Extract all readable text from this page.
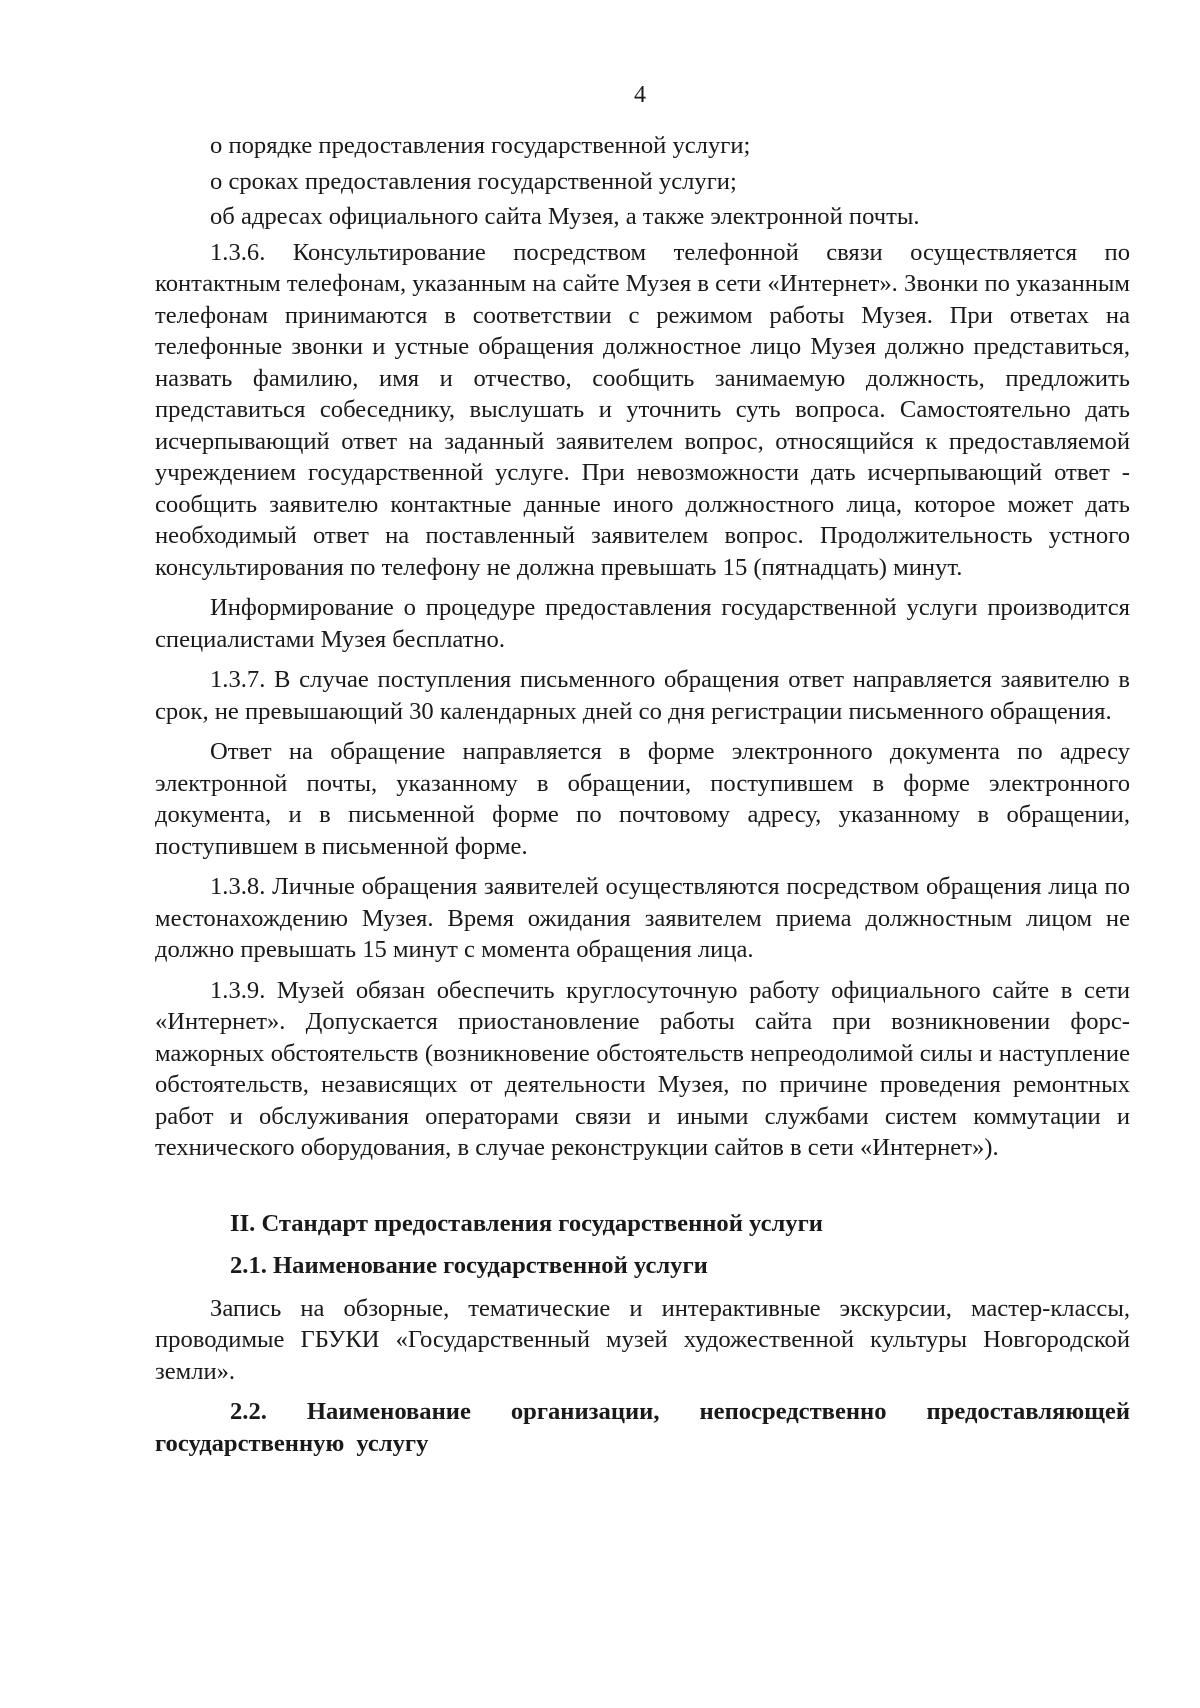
4

о порядке предоставления государственной услуги;

о сроках предоставления государственной услуги;

об адресах официального сайта Музея, а также электронной почты.

1.3.6. Консультирование посредством телефонной связи осуществляется по контактным телефонам, указанным на сайте Музея в сети «Интернет». Звонки по указанным телефонам принимаются в соответствии с режимом работы Музея. При ответах на телефонные звонки и устные обращения должностное лицо Музея должно представиться, назвать фамилию, имя и отчество, сообщить занимаемую должность, предложить представиться собеседнику, выслушать и уточнить суть вопроса. Самостоятельно дать исчерпывающий ответ на заданный заявителем вопрос, относящийся к предоставляемой учреждением государственной услуге. При невозможности дать исчерпывающий ответ - сообщить заявителю контактные данные иного должностного лица, которое может дать необходимый ответ на поставленный заявителем вопрос. Продолжительность устного консультирования по телефону не должна превышать 15 (пятнадцать) минут.

Информирование о процедуре предоставления государственной услуги производится специалистами Музея бесплатно.

1.3.7. В случае поступления письменного обращения ответ направляется заявителю в срок, не превышающий 30 календарных дней со дня регистрации письменного обращения.

Ответ на обращение направляется в форме электронного документа по адресу электронной почты, указанному в обращении, поступившем в форме электронного документа, и в письменной форме по почтовому адресу, указанному в обращении, поступившем в письменной форме.

1.3.8. Личные обращения заявителей осуществляются посредством обращения лица по местонахождению Музея. Время ожидания заявителем приема должностным лицом не должно превышать 15 минут с момента обращения лица.

1.3.9. Музей обязан обеспечить круглосуточную работу официального сайте в сети «Интернет». Допускается приостановление работы сайта при возникновении форс-мажорных обстоятельств (возникновение обстоятельств непреодолимой силы и наступление обстоятельств, независящих от деятельности Музея, по причине проведения ремонтных работ и обслуживания операторами связи и иными службами систем коммутации и технического оборудования, в случае реконструкции сайтов в сети «Интернет»).

II. Стандарт предоставления государственной услуги

2.1. Наименование государственной услуги

Запись на обзорные, тематические и интерактивные экскурсии, мастер-классы, проводимые ГБУКИ «Государственный музей художественной культуры Новгородской земли».

2.2. Наименование организации, непосредственно предоставляющей государственную услугу
